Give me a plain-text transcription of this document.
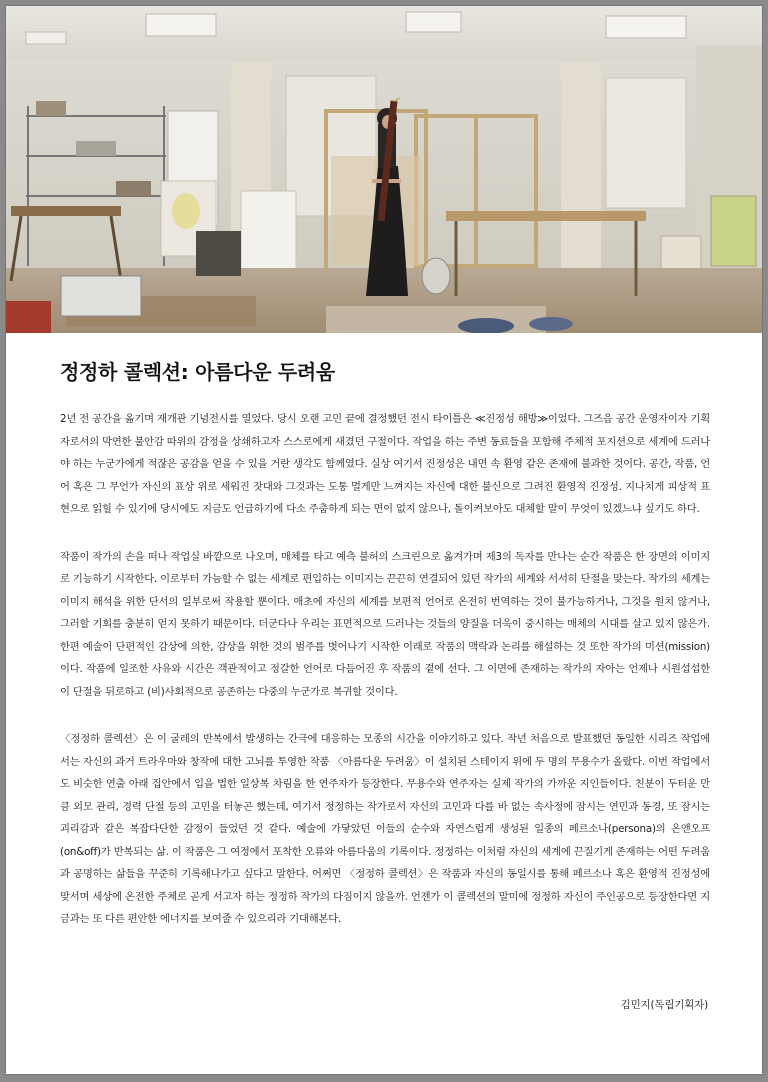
정정하 콜렉션: 아름다운 두려움

2년 전 공간을 옮기며 재개관 기념전시를 열었다. 당시 오랜 고민 끝에 결정했던 전시 타이틀은 ≪진정성 해방≫이었다. 그즈음 공간 운영자이자 기획자로서의 막연한 불안감 따위의 감정을 상쇄하고자 스스로에게 새겼던 구절이다. 작업을 하는 주변 동료들을 포함해 주체적 포지션으로 세계에 드러나야 하는 누군가에게 적잖은 공감을 얻을 수 있을 거란 생각도 함께였다. 실상 여기서 진정성은 내면 속 환영 같은 존재에 불과한 것이다. 공간, 작품, 언어 혹은 그 무언가 자신의 표상 위로 세워진 잣대와 그것과는 도통 멀게만 느껴지는 자신에 대한 불신으로 그려진 환영적 진정성. 지나치게 피상적 표현으로 읽힐 수 있기에 당시에도 지금도 언급하기에 다소 주춤하게 되는 면이 없지 않으나, 돌이켜보아도 대체할 말이 무엇이 있겠느냐 싶기도 하다.

작품이 작가의 손을 떠나 작업실 바깥으로 나오며, 매체를 타고 예측 불허의 스크린으로 옮겨가며 제3의 독자를 만나는 순간 작품은 한 장면의 이미지로 기능하기 시작한다. 이로부터 가늠할 수 없는 세계로 편입하는 이미지는 끈끈히 연결되어 있던 작가의 세계와 서서히 단절을 맞는다. 작가의 세계는 이미지 해석을 위한 단서의 일부로써 작용할 뿐이다. 애초에 자신의 세계를 보편적 언어로 온전히 번역하는 것이 불가능하거나, 그것을 원치 않거나, 그러할 기회를 충분히 얻지 못하기 때문이다. 더군다나 우리는 표면적으로 드러나는 것들의 양질을 더욱이 중시하는 매체의 시대를 살고 있지 않은가. 한편 예술이 단편적인 감상에 의한, 감상을 위한 것의 범주를 벗어나기 시작한 이래로 작품의 맥락과 논리를 해설하는 것 또한 작가의 미션(mission)이다. 작품에 일조한 사유와 시간은 객관적이고 정갈한 언어로 다듬어진 후 작품의 곁에 선다. 그 이면에 존재하는 작가의 자아는 언제나 시원섭섭한 이 단절을 뒤로하고 (비)사회적으로 공존하는 다중의 누군가로 복귀할 것이다.

〈정정하 콜렉션〉은 이 굴레의 반복에서 발생하는 간극에 대응하는 모종의 시간을 이야기하고 있다. 작년 처음으로 발표했던 동일한 시리즈 작업에서는 자신의 과거 트라우마와 창작에 대한 고뇌를 투영한 작품 〈아름다운 두려움〉이 설치된 스테이지 위에 두 명의 무용수가 올랐다. 이번 작업에서도 비슷한 연출 아래 집안에서 입을 법한 일상복 차림을 한 연주자가 등장한다. 무용수와 연주자는 실제 작가의 가까운 지인들이다. 친분이 두터운 만큼 외모 관리, 경력 단절 등의 고민을 터놓곤 했는데, 여기서 정정하는 작가로서 자신의 고민과 다를 바 없는 속사정에 잠시는 연민과 동경, 또 잠시는 괴리감과 같은 복잡다단한 감정이 들었던 것 같다. 예술에 가닿았던 이들의 순수와 자연스럽게 생성된 일종의 페르소나(persona)의 온앤오프(on&off)가 반복되는 삶. 이 작품은 그 여정에서 포착한 오류와 아름다움의 기록이다. 정정하는 이처럼 자신의 세계에 끈질기게 존재하는 어떤 두려움과 공명하는 삶들을 꾸준히 기록해나가고 싶다고 말한다. 어쩌면 〈정정하 콜렉션〉은 작품과 자신의 동일시를 통해 페르소나 혹은 환영적 진정성에 맞서며 세상에 온전한 주체로 곧게 서고자 하는 정정하 작가의 다짐이지 않을까. 언젠가 이 콜렉션의 말미에 정정하 자신이 주인공으로 등장한다면 지금과는 또 다른 편안한 에너지를 보여줄 수 있으리라 기대해본다.

김민지(독립기획자)
